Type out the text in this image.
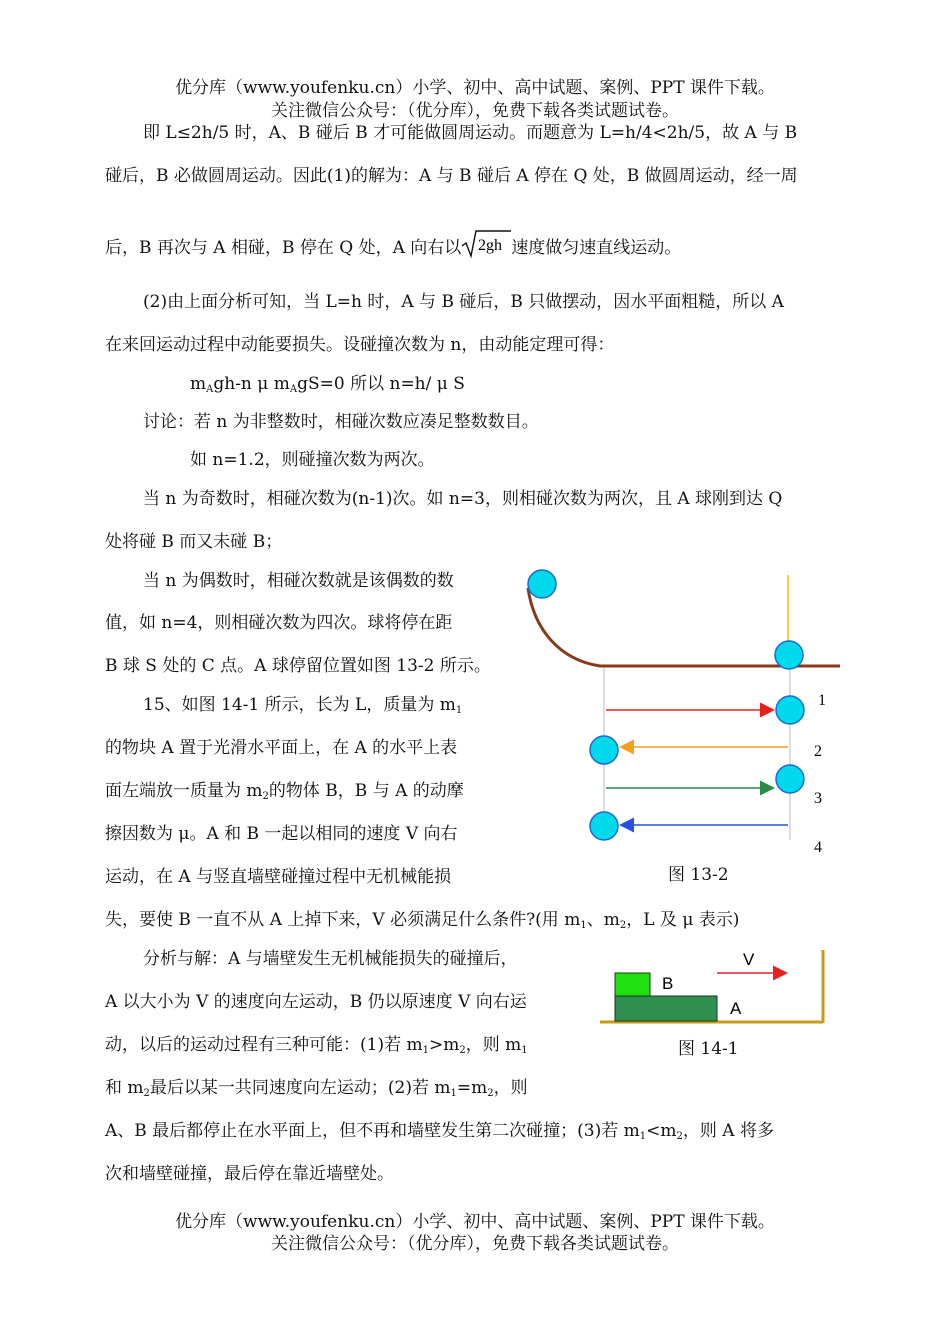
优分库（www.youfenku.cn）小学、初中、高中试题、案例、PPT 课件下载。
关注微信公众号：（优分库），免费下载各类试题试卷。
即 L≤2h/5 时，A、B 碰后 B 才可能做圆周运动。而题意为 L=h/4<2h/5，故 A 与 B
碰后，B 必做圆周运动。因此(1)的解为：A 与 B 碰后 A 停在 Q 处，B 做圆周运动，经一周
后，B 再次与 A 相碰，B 停在 Q 处，A 向右以 2gh 速度做匀速直线运动。
(2)由上面分析可知，当 L=h 时，A 与 B 碰后，B 只做摆动，因水平面粗糙，所以 A
在来回运动过程中动能要损失。设碰撞次数为 n，由动能定理可得：
$m_Agh-n$ μ $m_AgS=0$ 所以 n=h/ μ S
讨论：若 n 为非整数时，相碰次数应凑足整数数目。
如 n=1.2，则碰撞次数为两次。
当 n 为奇数时，相碰次数为(n-1)次。如 n=3，则相碰次数为两次，且 A 球刚到达 Q
处将碰 B 而又未碰 B；
当 n 为偶数时，相碰次数就是该偶数的数
值，如 n=4，则相碰次数为四次。球将停在距
B 球 S 处的 C 点。A 球停留位置如图 13-2 所示。
15、如图 14-1 所示，长为 L，质量为 $m_1$
的物块 A 置于光滑水平面上，在 A 的水平上表
面左端放一质量为 $m_2$的物体 B，B 与 A 的动摩
擦因数为 μ。A 和 B 一起以相同的速度 V 向右
运动，在 A 与竖直墙壁碰撞过程中无机械能损
失，要使 B 一直不从 A 上掉下来，V 必须满足什么条件?(用 $m_1$、$m_2$，L 及 μ 表示)
分析与解：A 与墙壁发生无机械能损失的碰撞后，
A 以大小为 V 的速度向左运动，B 仍以原速度 V 向右运
动，以后的运动过程有三种可能：(1)若 $m_1>m_2$，则 $m_1$
和 $m_2$最后以某一共同速度向左运动；(2)若 $m_1=m_2$，则
A、B 最后都停止在水平面上，但不再和墙壁发生第二次碰撞；(3)若 $m_1<m_2$，则 A 将多
次和墙壁碰撞，最后停在靠近墙壁处。
1
2
3
4
图 13-2
B
A
V
图 14-1
优分库（www.youfenku.cn）小学、初中、高中试题、案例、PPT 课件下载。
关注微信公众号：（优分库），免费下载各类试题试卷。
